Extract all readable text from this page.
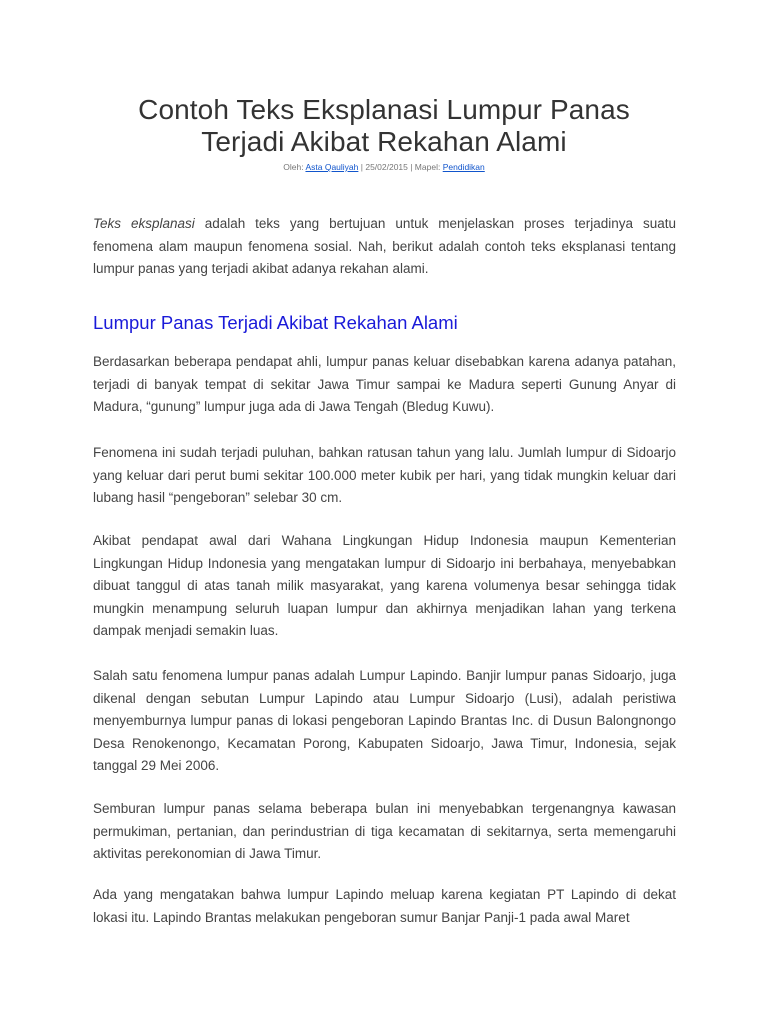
Contoh Teks Eksplanasi Lumpur Panas
Terjadi Akibat Rekahan Alami
Oleh: Asta Qauliyah | 25/02/2015 | Mapel: Pendidikan

Teks eksplanasi adalah teks yang bertujuan untuk menjelaskan proses terjadinya suatu fenomena alam maupun fenomena sosial. Nah, berikut adalah contoh teks eksplanasi tentang lumpur panas yang terjadi akibat adanya rekahan alami.

Lumpur Panas Terjadi Akibat Rekahan Alami

Berdasarkan beberapa pendapat ahli, lumpur panas keluar disebabkan karena adanya patahan, terjadi di banyak tempat di sekitar Jawa Timur sampai ke Madura seperti Gunung Anyar di Madura, “gunung” lumpur juga ada di Jawa Tengah (Bledug Kuwu).

Fenomena ini sudah terjadi puluhan, bahkan ratusan tahun yang lalu. Jumlah lumpur di Sidoarjo yang keluar dari perut bumi sekitar 100.000 meter kubik per hari, yang tidak mungkin keluar dari lubang hasil “pengeboran” selebar 30 cm.

Akibat pendapat awal dari Wahana Lingkungan Hidup Indonesia maupun Kementerian Lingkungan Hidup Indonesia yang mengatakan lumpur di Sidoarjo ini berbahaya, menyebabkan dibuat tanggul di atas tanah milik masyarakat, yang karena volumenya besar sehingga tidak mungkin menampung seluruh luapan lumpur dan akhirnya menjadikan lahan yang terkena dampak menjadi semakin luas.

Salah satu fenomena lumpur panas adalah Lumpur Lapindo. Banjir lumpur panas Sidoarjo, juga dikenal dengan sebutan Lumpur Lapindo atau Lumpur Sidoarjo (Lusi), adalah peristiwa menyemburnya lumpur panas di lokasi pengeboran Lapindo Brantas Inc. di Dusun Balongnongo Desa Renokenongo, Kecamatan Porong, Kabupaten Sidoarjo, Jawa Timur, Indonesia, sejak tanggal 29 Mei 2006.

Semburan lumpur panas selama beberapa bulan ini menyebabkan tergenangnya kawasan permukiman, pertanian, dan perindustrian di tiga kecamatan di sekitarnya, serta memengaruhi aktivitas perekonomian di Jawa Timur.

Ada yang mengatakan bahwa lumpur Lapindo meluap karena kegiatan PT Lapindo di dekat lokasi itu. Lapindo Brantas melakukan pengeboran sumur Banjar Panji-1 pada awal Maret
